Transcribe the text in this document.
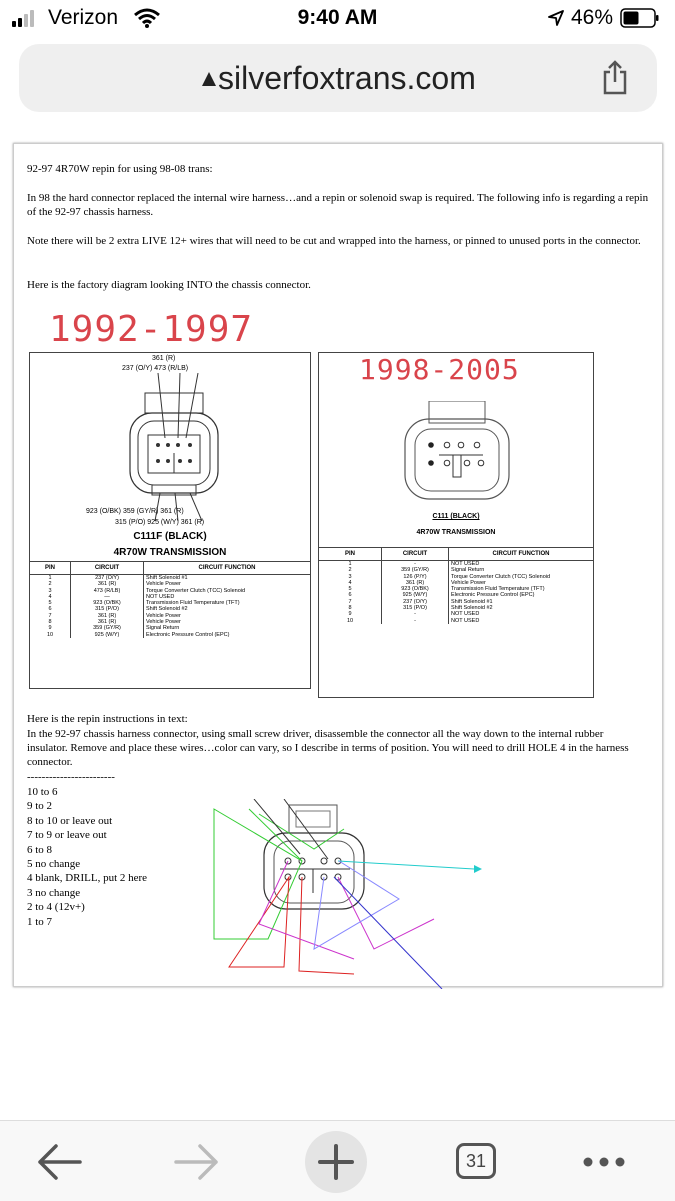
Verizon	9:40 AM	46%
silverfoxtrans.com
92-97 4R70W repin for using 98-08 trans:
In 98 the hard connector replaced the internal wire harness…and a repin or solenoid swap is required. The following info is regarding a repin of the 92-97 chassis harness.
Note there will be 2 extra LIVE 12+ wires that will need to be cut and wrapped into the harness, or pinned to unused ports in the connector.
Here is the factory diagram looking INTO the chassis connector.
1992-1997
361 (R)
237 (O/Y) 473 (R/LB)
923 (O/BK) 359 (GY/R) 361 (R)
315 (P/O) 925 (W/Y) 361 (R)
C111F (BLACK)
4R70W TRANSMISSION
PIN	CIRCUIT	CIRCUIT FUNCTION
1	237 (O/Y)	Shift Solenoid #1
2	361 (R)	Vehicle Power
3	473 (R/LB)	Torque Converter Clutch (TCC) Solenoid
4	—	NOT USED
5	923 (O/BK)	Transmission Fluid Temperature (TFT)
6	315 (P/O)	Shift Solenoid #2
7	361 (R)	Vehicle Power
8	361 (R)	Vehicle Power
9	359 (GY/R)	Signal Return
10	925 (W/Y)	Electronic Pressure Control (EPC)
1998-2005
C111 (BLACK)
4R70W TRANSMISSION
PIN	CIRCUIT	CIRCUIT FUNCTION
1	-	NOT USED
2	359 (GY/R)	Signal Return
3	126 (P/Y)	Torque Converter Clutch (TCC) Solenoid
4	361 (R)	Vehicle Power
5	923 (O/BK)	Transmission Fluid Temperature (TFT)
6	925 (W/Y)	Electronic Pressure Control (EPC)
7	237 (O/Y)	Shift Solenoid #1
8	315 (P/O)	Shift Solenoid #2
9	-	NOT USED
10	-	NOT USED
Here is the repin instructions in text:
In the 92-97 chassis harness connector, using small screw driver, disassemble the connector all the way down to the internal rubber insulator. Remove and place these wires…color can vary, so I describe in terms of position. You will need to drill HOLE 4 in the harness connector.
------------------------
10 to 6
9 to 2
8 to 10 or leave out
7 to 9 or leave out
6 to 8
5 no change
4 blank, DRILL, put 2 here
3 no change
2 to 4 (12v+)
1 to 7
31
